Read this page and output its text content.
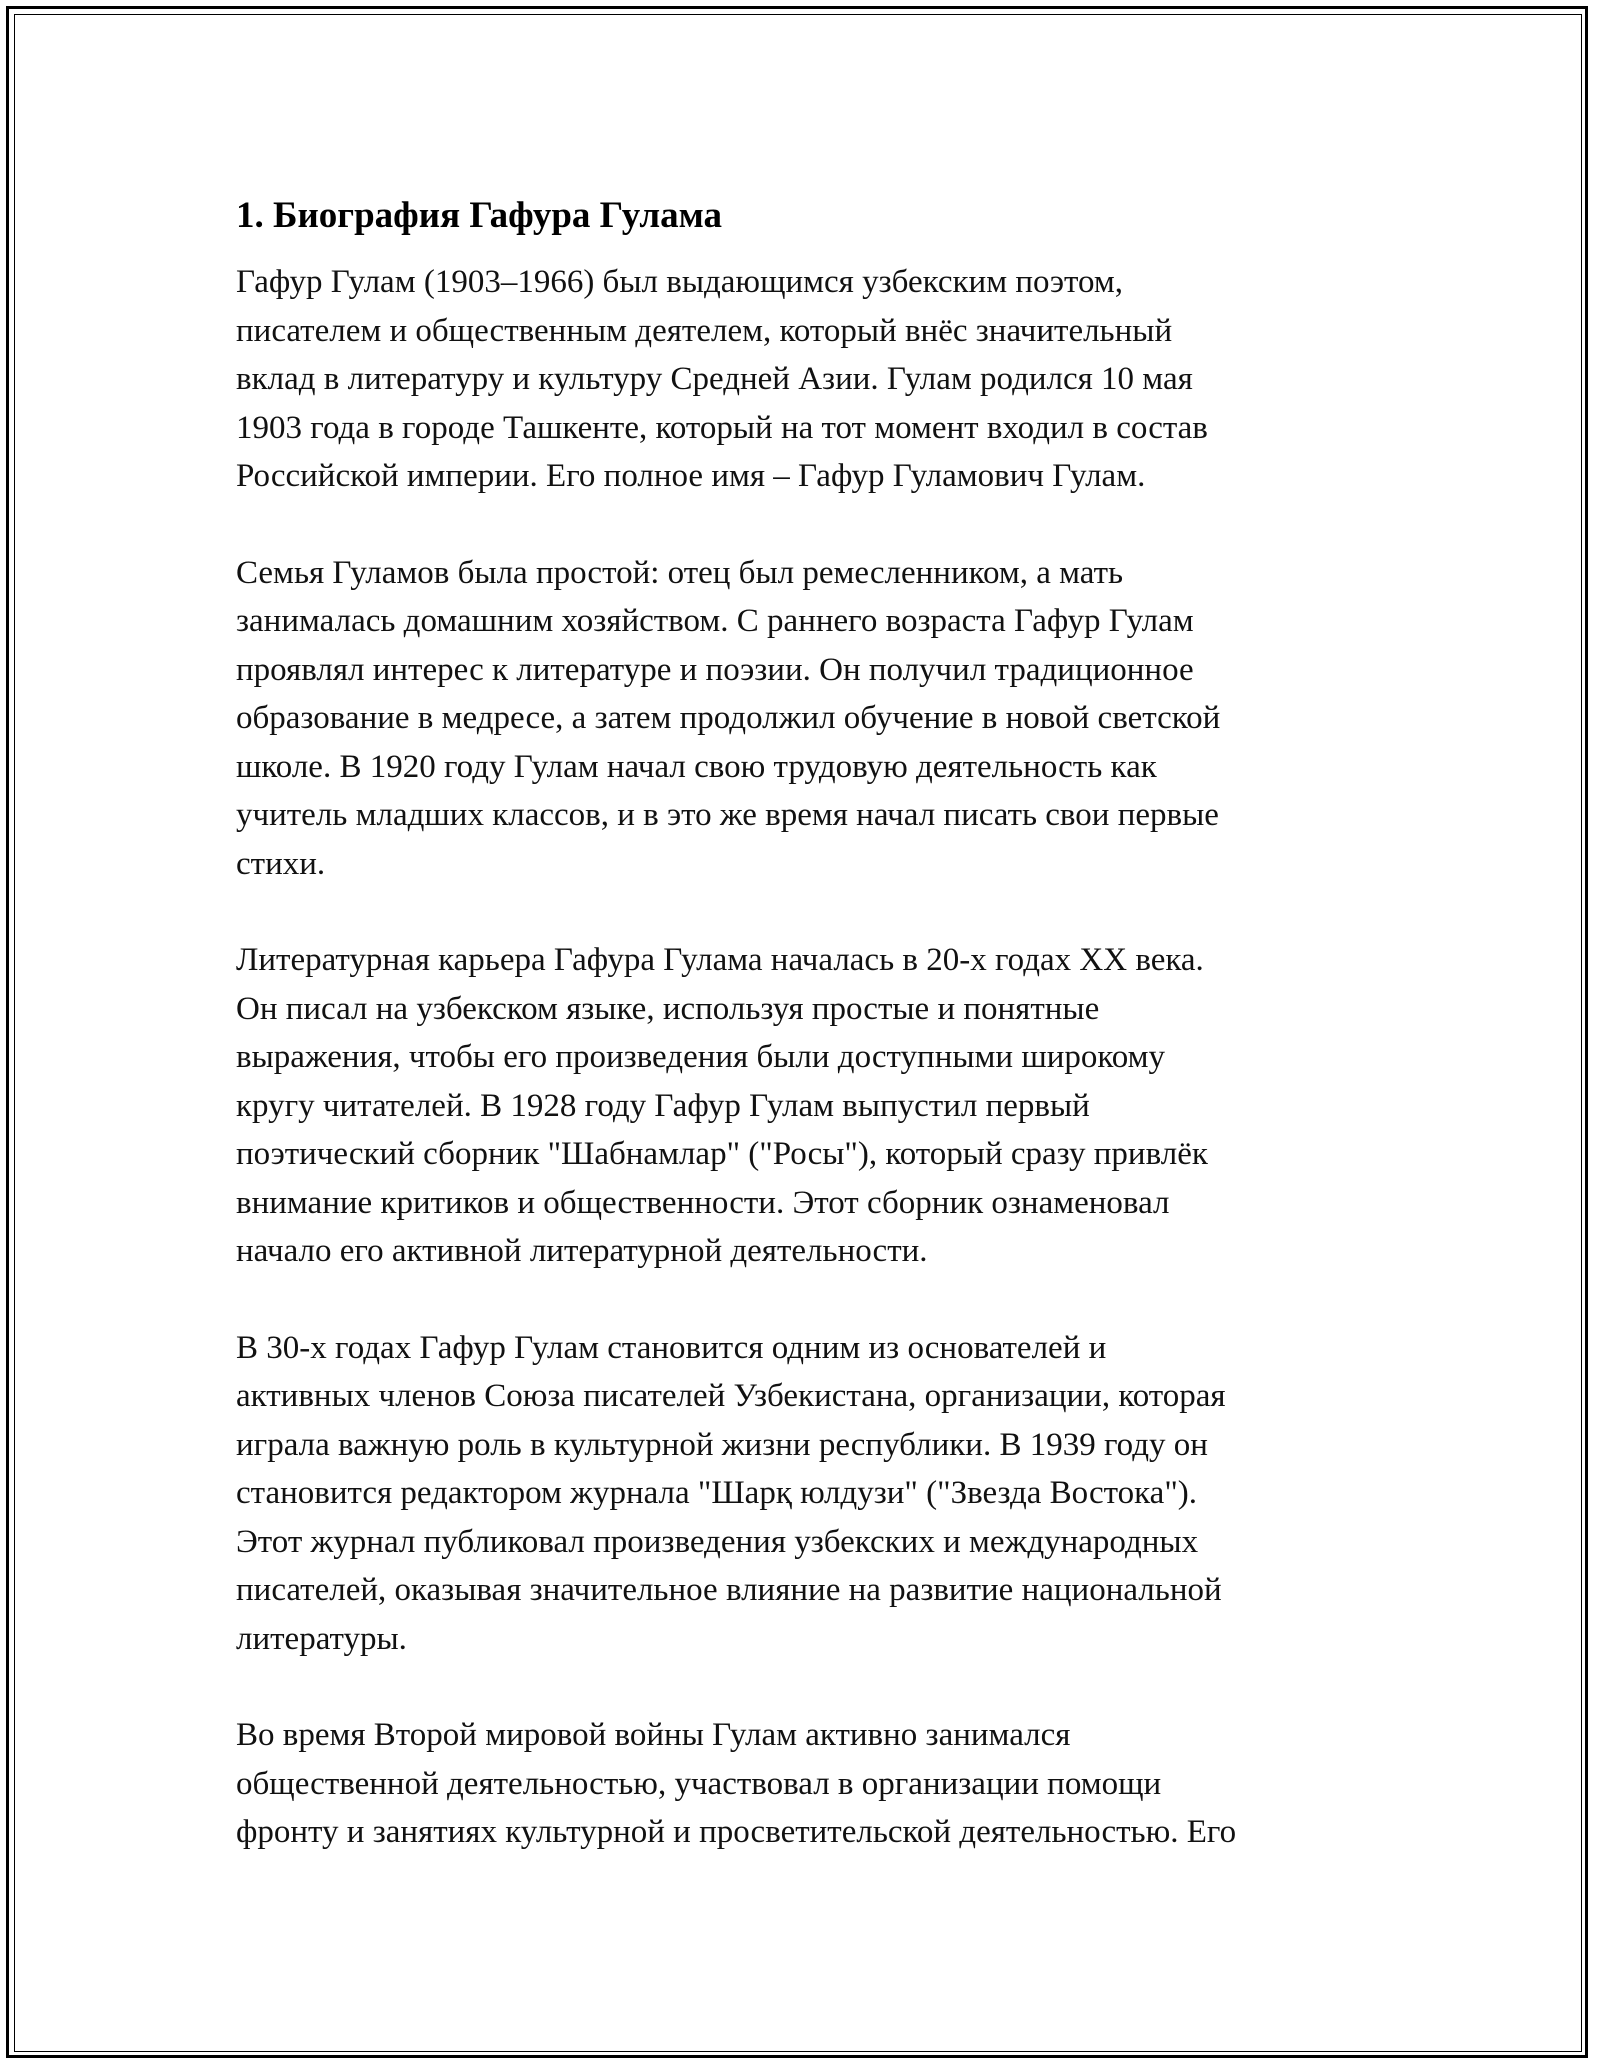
1. Биография Гафура Гулама

Гафур Гулам (1903–1966) был выдающимся узбекским поэтом,
писателем и общественным деятелем, который внёс значительный
вклад в литературу и культуру Средней Азии. Гулам родился 10 мая
1903 года в городе Ташкенте, который на тот момент входил в состав
Российской империи. Его полное имя – Гафур Гуламович Гулам.

Семья Гуламов была простой: отец был ремесленником, а мать
занималась домашним хозяйством. С раннего возраста Гафур Гулам
проявлял интерес к литературе и поэзии. Он получил традиционное
образование в медресе, а затем продолжил обучение в новой светской
школе. В 1920 году Гулам начал свою трудовую деятельность как
учитель младших классов, и в это же время начал писать свои первые
стихи.

Литературная карьера Гафура Гулама началась в 20-х годах XX века.
Он писал на узбекском языке, используя простые и понятные
выражения, чтобы его произведения были доступными широкому
кругу читателей. В 1928 году Гафур Гулам выпустил первый
поэтический сборник "Шабнамлар" ("Росы"), который сразу привлёк
внимание критиков и общественности. Этот сборник ознаменовал
начало его активной литературной деятельности.

В 30-х годах Гафур Гулам становится одним из основателей и
активных членов Союза писателей Узбекистана, организации, которая
играла важную роль в культурной жизни республики. В 1939 году он
становится редактором журнала "Шарқ юлдузи" ("Звезда Востока").
Этот журнал публиковал произведения узбекских и международных
писателей, оказывая значительное влияние на развитие национальной
литературы.

Во время Второй мировой войны Гулам активно занимался
общественной деятельностью, участвовал в организации помощи
фронту и занятиях культурной и просветительской деятельностью. Его
